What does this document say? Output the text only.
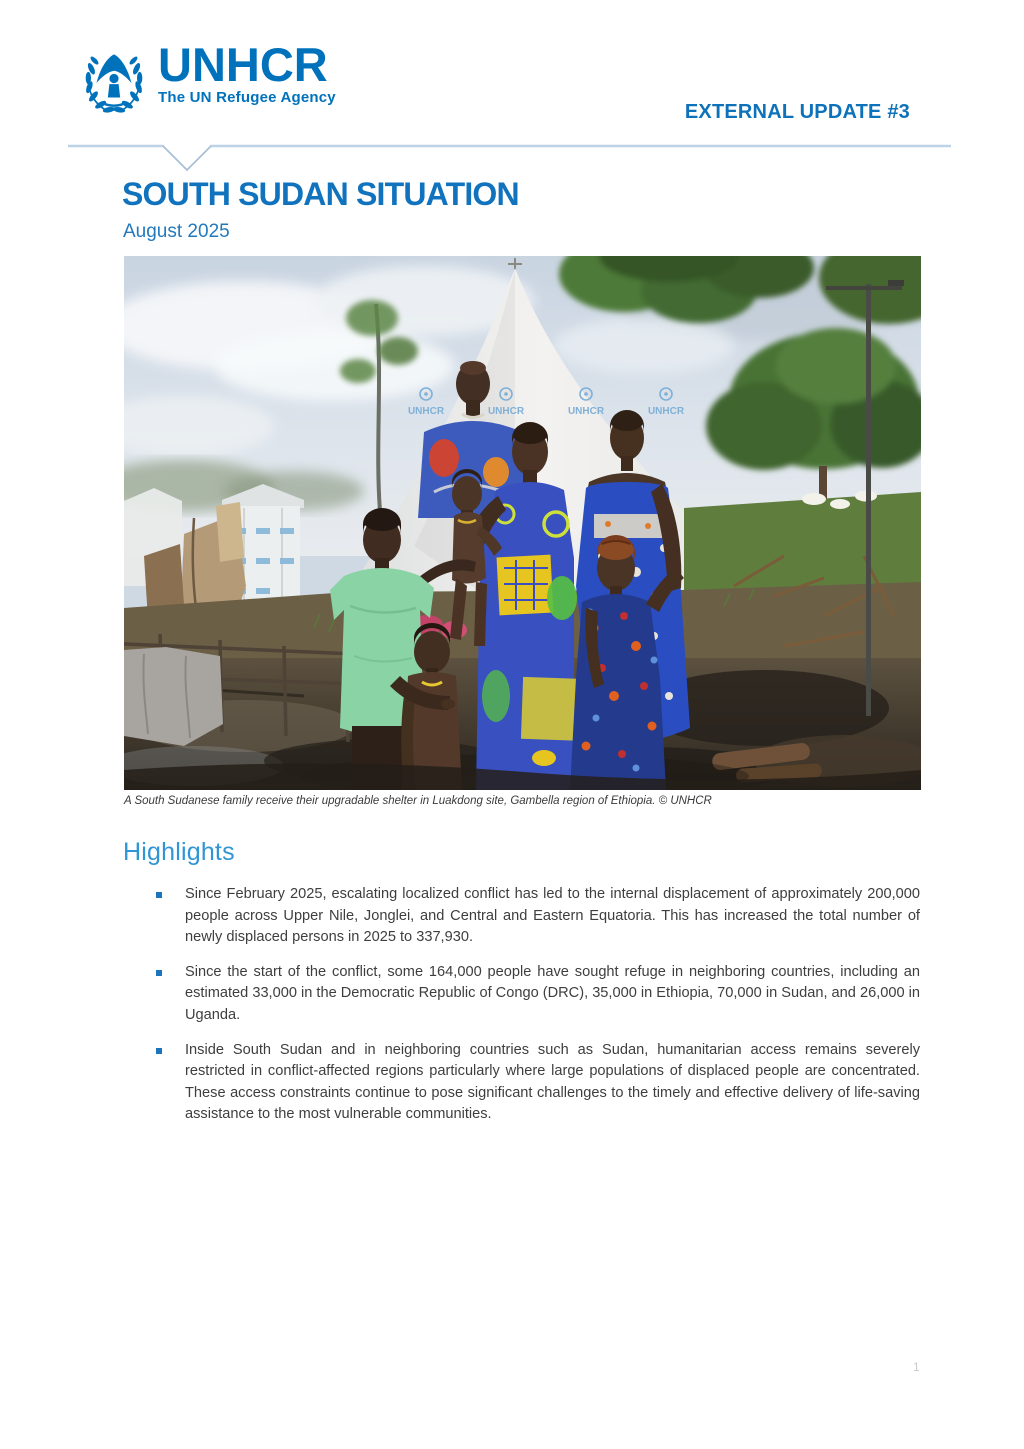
UNHCR
The UN Refugee Agency
EXTERNAL UPDATE #3
SOUTH SUDAN SITUATION
August 2025
UNHCR	UNHCR	UNHCR	UNHCR
A South Sudanese family receive their upgradable shelter in Luakdong site, Gambella region of Ethiopia. © UNHCR
Highlights
Since February 2025, escalating localized conflict has led to the internal displacement of approximately 200,000 people across Upper Nile, Jonglei, and Central and Eastern Equatoria. This has increased the total number of newly displaced persons in 2025 to 337,930.
Since the start of the conflict, some 164,000 people have sought refuge in neighboring countries, including an estimated 33,000 in the Democratic Republic of Congo (DRC), 35,000 in Ethiopia, 70,000 in Sudan, and 26,000 in Uganda.
Inside South Sudan and in neighboring countries such as Sudan, humanitarian access remains severely restricted in conflict-affected regions particularly where large populations of displaced people are concentrated. These access constraints continue to pose significant challenges to the timely and effective delivery of life-saving assistance to the most vulnerable communities.
1
